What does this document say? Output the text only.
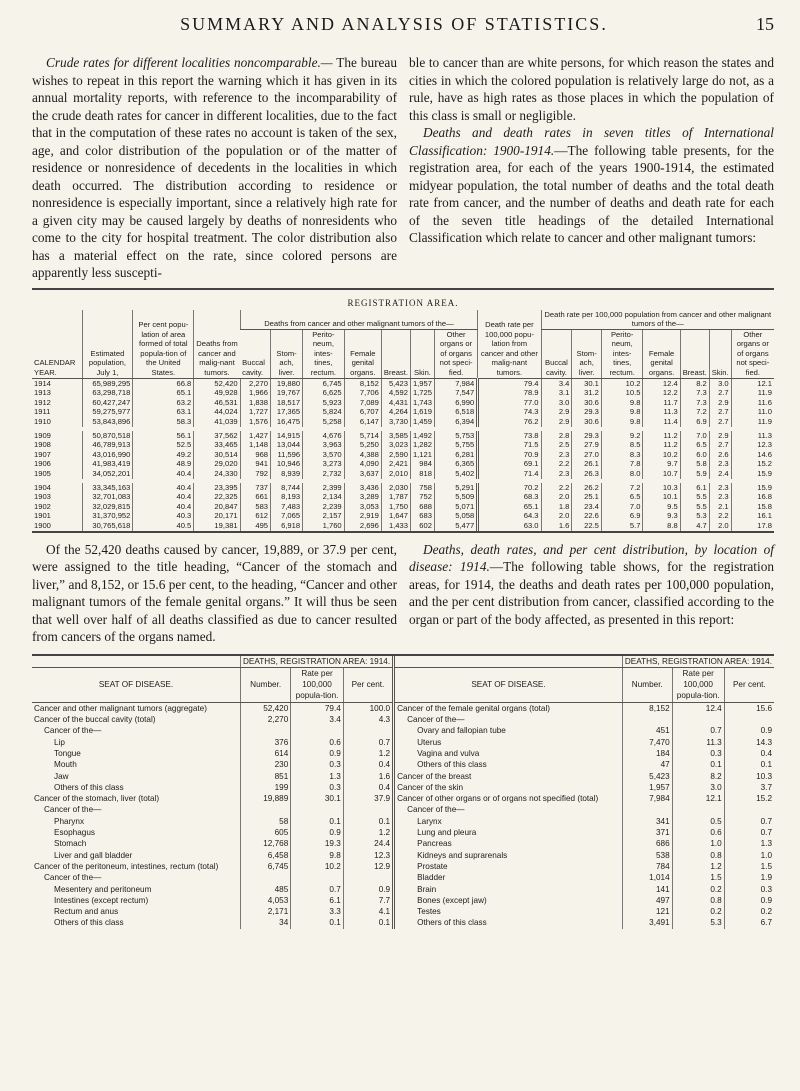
SUMMARY AND ANALYSIS OF STATISTICS.	15

Crude rates for different localities noncomparable.— The bureau wishes to repeat in this report the warning which it has given in its annual mortality reports, with reference to the incomparability of the crude death rates for cancer in different localities, due to the fact that in the computation of these rates no account is taken of the sex, age, and color distribution of the population or of the matter of residence or nonresidence of decedents in the localities in which death occurred. The distribution according to residence or nonresidence is especially important, since a relatively high rate for a given city may be caused largely by deaths of nonresidents who come to the city for hospital treatment. The color distribution also has a material effect on the rate, since colored persons are apparently less suscepti-

ble to cancer than are white persons, for which reason the states and cities in which the colored population is relatively large do not, as a rule, have as high rates as those places in which the population of this class is small or negligible.

Deaths and death rates in seven titles of International Classification: 1900-1914.—The following table presents, for the registration area, for each of the years 1900-1914, the estimated midyear population, the total number of deaths and the total death rate from cancer, and the number of deaths and death rate for each of the seven title headings of the detailed International Classification which relate to cancer and other malignant tumors:

REGISTRATION AREA.
CALENDAR YEAR.	Estimated population, July 1,	Per cent popu-lation of area formed of total popula-tion of the United States.	Deaths from cancer and malig-nant tumors.	Deaths from cancer and other malignant tumors of the—							Death rate per 100,000 popu-lation from cancer and other malig-nant tumors.	Death rate per 100,000 population from cancer and other malignant tumors of the—						
				Buccal cavity.	Stom-ach, liver.	Perito-neum, intes-tines, rectum.	Female genital organs.	Breast.	Skin.	Other organs or of organs not speci-fied.		Buccal cavity.	Stom-ach, liver.	Perito-neum, intes-tines, rectum.	Female genital organs.	Breast.	Skin.	Other organs or of organs not speci-fied.
1914	65,989,295	66.8	52,420	2,270	19,880	6,745	8,152	5,423	1,957	7,984	79.4	3.4	30.1	10.2	12.4	8.2	3.0	12.1
1913	63,298,718	65.1	49,928	1,966	19,767	6,625	7,706	4,592	1,725	7,547	78.9	3.1	31.2	10.5	12.2	7.3	2.7	11.9
1912	60,427,247	63.2	46,531	1,838	18,517	5,923	7,089	4,431	1,743	6,990	77.0	3.0	30.6	9.8	11.7	7.3	2.9	11.6
1911	59,275,977	63.1	44,024	1,727	17,365	5,824	6,707	4,264	1,619	6,518	74.3	2.9	29.3	9.8	11.3	7.2	2.7	11.0
1910	53,843,896	58.3	41,039	1,576	16,475	5,258	6,147	3,730	1,459	6,394	76.2	2.9	30.6	9.8	11.4	6.9	2.7	11.9

1909	50,870,518	56.1	37,562	1,427	14,915	4,676	5,714	3,585	1,492	5,753	73.8	2.8	29.3	9.2	11.2	7.0	2.9	11.3
1908	46,789,913	52.5	33,465	1,148	13,044	3,963	5,250	3,023	1,282	5,755	71.5	2.5	27.9	8.5	11.2	6.5	2.7	12.3
1907	43,016,990	49.2	30,514	968	11,596	3,570	4,388	2,590	1,121	6,281	70.9	2.3	27.0	8.3	10.2	6.0	2.6	14.6
1906	41,983,419	48.9	29,020	941	10,946	3,273	4,090	2,421	984	6,365	69.1	2.2	26.1	7.8	9.7	5.8	2.3	15.2
1905	34,052,201	40.4	24,330	792	8,939	2,732	3,637	2,010	818	5,402	71.4	2.3	26.3	8.0	10.7	5.9	2.4	15.9

1904	33,345,163	40.4	23,395	737	8,744	2,399	3,436	2,030	758	5,291	70.2	2.2	26.2	7.2	10.3	6.1	2.3	15.9
1903	32,701,083	40.4	22,325	661	8,193	2,134	3,289	1,787	752	5,509	68.3	2.0	25.1	6.5	10.1	5.5	2.3	16.8
1902	32,029,815	40.4	20,847	583	7,483	2,239	3,053	1,750	688	5,071	65.1	1.8	23.4	7.0	9.5	5.5	2.1	15.8
1901	31,370,952	40.3	20,171	612	7,065	2,157	2,919	1,647	683	5,058	64.3	2.0	22.6	6.9	9.3	5.3	2.2	16.1
1900	30,765,618	40.5	19,381	495	6,918	1,760	2,696	1,433	602	5,477	63.0	1.6	22.5	5.7	8.8	4.7	2.0	17.8

Of the 52,420 deaths caused by cancer, 19,889, or 37.9 per cent, were assigned to the title heading, “Cancer of the stomach and liver,” and 8,152, or 15.6 per cent, to the heading, “Cancer and other malignant tumors of the female genital organs.” It will thus be seen that well over half of all deaths classified as due to cancer resulted from cancers of the organs named.

Deaths, death rates, and per cent distribution, by location of disease: 1914.—The following table shows, for the registration areas, for 1914, the deaths and death rates per 100,000 population, and the per cent distribution from cancer, classified according to the organ or part of the body affected, as presented in this report:

	DEATHS, REGISTRATION AREA: 1914.				DEATHS, REGISTRATION AREA: 1914.		
SEAT OF DISEASE.	Number.	Rate per 100,000 popula-tion.	Per cent.	SEAT OF DISEASE.	Number.	Rate per 100,000 popula-tion.	Per cent.
Cancer and other malignant tumors (aggregate)	52,420	79.4	100.0	Cancer of the female genital organs (total)	8,152	12.4	15.6
Cancer of the buccal cavity (total)	2,270	3.4	4.3	Cancer of the—			
Cancer of the—				Ovary and fallopian tube	451	0.7	0.9
Lip	376	0.6	0.7	Uterus	7,470	11.3	14.3
Tongue	614	0.9	1.2	Vagina and vulva	184	0.3	0.4
Mouth	230	0.3	0.4	Others of this class	47	0.1	0.1
Jaw	851	1.3	1.6	Cancer of the breast	5,423	8.2	10.3
Others of this class	199	0.3	0.4	Cancer of the skin	1,957	3.0	3.7
Cancer of the stomach, liver (total)	19,889	30.1	37.9	Cancer of other organs or of organs not specified (total)	7,984	12.1	15.2
Cancer of the—				Cancer of the—			
Pharynx	58	0.1	0.1	Larynx	341	0.5	0.7
Esophagus	605	0.9	1.2	Lung and pleura	371	0.6	0.7
Stomach	12,768	19.3	24.4	Pancreas	686	1.0	1.3
Liver and gall bladder	6,458	9.8	12.3	Kidneys and suprarenals	538	0.8	1.0
Cancer of the peritoneum, intestines, rectum (total)	6,745	10.2	12.9	Prostate	784	1.2	1.5
Cancer of the—				Bladder	1,014	1.5	1.9
Mesentery and peritoneum	485	0.7	0.9	Brain	141	0.2	0.3
Intestines (except rectum)	4,053	6.1	7.7	Bones (except jaw)	497	0.8	0.9
Rectum and anus	2,171	3.3	4.1	Testes	121	0.2	0.2
Others of this class	34	0.1	0.1	Others of this class	3,491	5.3	6.7
